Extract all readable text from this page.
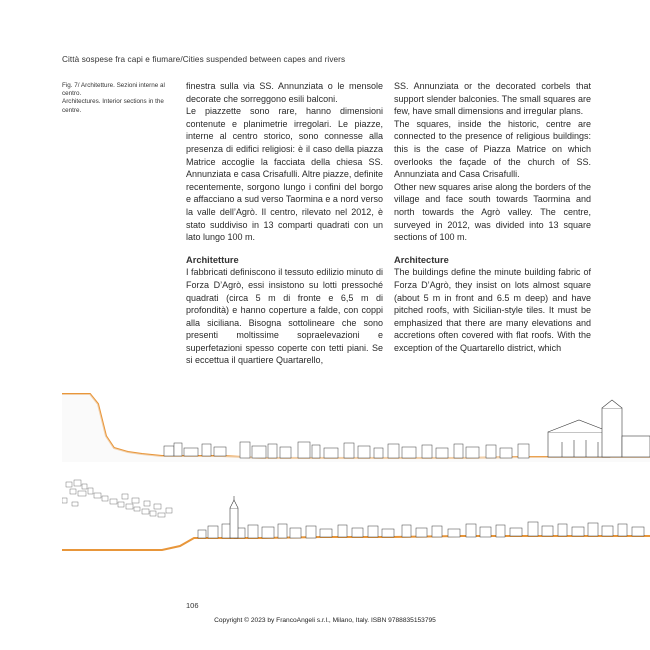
Città sospese fra capi e fiumare/Cities suspended between capes and rivers

Fig. 7/ Architetture. Sezioni interne al centro.

Architectures. Interior sections in the centre.

finestra sulla via SS. Annunziata o le mensole decorate che sorreggono esili balconi.

Le piazzette sono rare, hanno dimensioni contenute e planimetrie irregolari. Le piazze, interne al centro storico, sono connesse alla presenza di edifici religiosi: è il caso della piazza Matrice accoglie la facciata della chiesa SS. Annunziata e casa Crisafulli. Altre piazze, definite recentemente, sorgono lungo i confini del borgo e affacciano a sud verso Taormina e a nord verso la valle dell’Agrò. Il centro, rilevato nel 2012, è stato suddiviso in 13 comparti quadrati con un lato lungo 100 m.

Architetture

I fabbricati definiscono il tessuto edilizio minuto di Forza D’Agrò, essi insistono su lotti pressoché quadrati (circa 5 m di fronte e 6,5 m di profondità) e hanno coperture a falde, con coppi alla siciliana. Bisogna sottolineare che sono presenti moltissime sopraelevazioni e superfetazioni spesso coperte con tetti piani. Se si eccettua il quartiere Quartarello,

SS. Annunziata or the decorated corbels that support slender balconies. The small squares are few, have small dimensions and irregular plans.

The squares, inside the historic, centre are connected to the presence of religious buildings: this is the case of Piazza Matrice on which overlooks the façade of the church of SS. Annunziata and Casa Crisafulli.

Other new squares arise along the borders of the village and face south towards Taormina and north towards the Agrò valley. The centre, surveyed in 2012, was divided into 13 square sections of 100 m.

Architecture

The buildings define the minute building fabric of Forza D’Agrò, they insist on lots almost square (about 5 m in front and 6.5 m deep) and have pitched roofs, with Sicilian-style tiles. It must be emphasized that there are many elevations and accretions often covered with flat roofs. With the exception of the Quartarello district, which

106
Copyright © 2023 by FrancoAngeli s.r.l., Milano, Italy. ISBN 9788835153795
